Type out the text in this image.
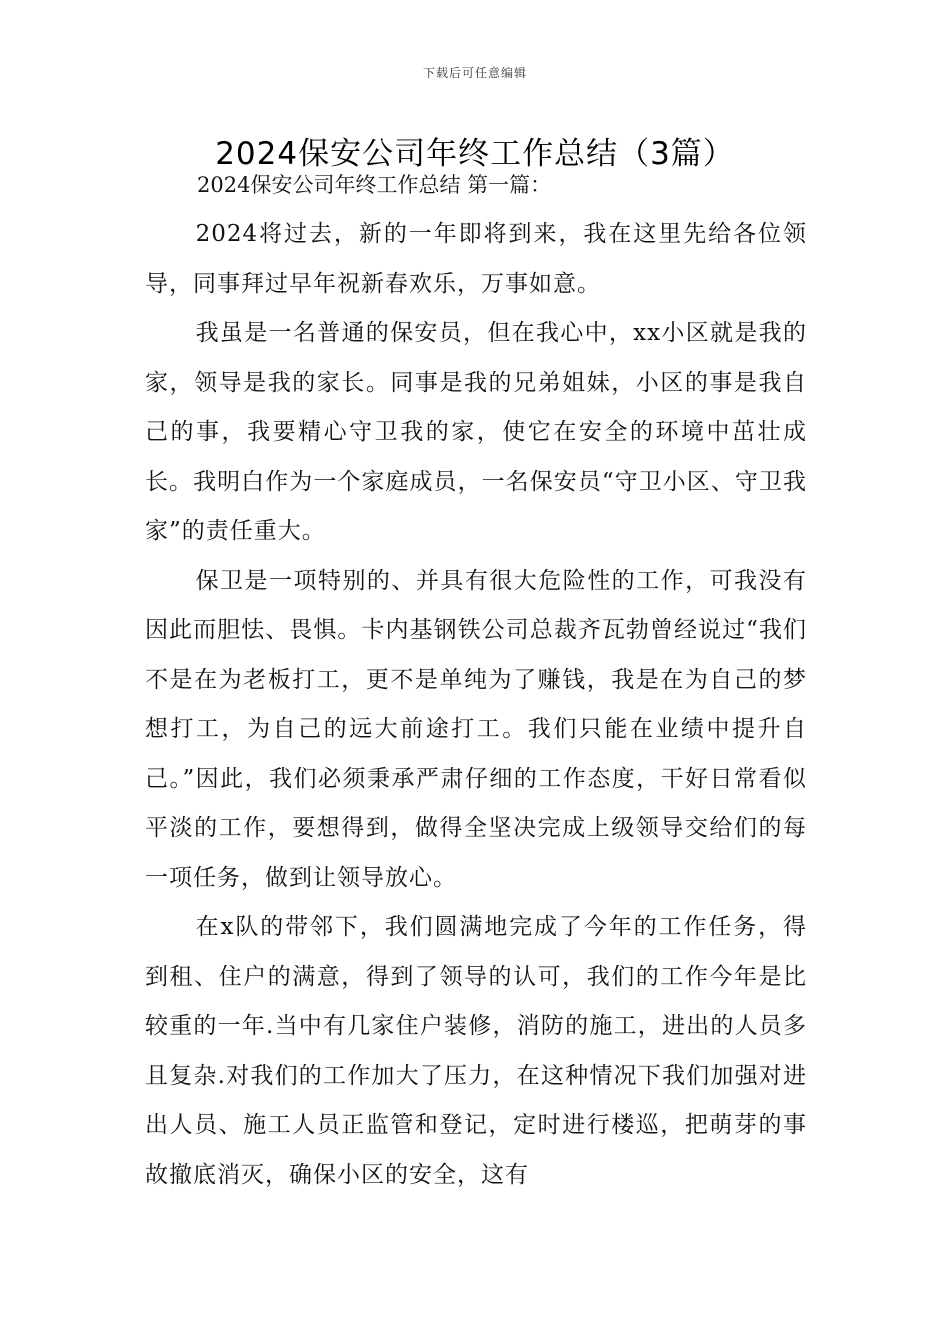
下载后可任意编辑
2024保安公司年终工作总结（3篇）

2024保安公司年终工作总结 第一篇：

2024将过去，新的一年即将到来，我在这里先给各位领导，同事拜过早年祝新春欢乐，万事如意。

我虽是一名普通的保安员，但在我心中，xx小区就是我的家，领导是我的家长。同事是我的兄弟姐妹，小区的事是我自己的事，我要精心守卫我的家，使它在安全的环境中茁壮成长。我明白作为一个家庭成员，一名保安员“守卫小区、守卫我家”的责任重大。

保卫是一项特别的、并具有很大危险性的工作，可我没有因此而胆怯、畏惧。卡内基钢铁公司总裁齐瓦勃曾经说过“我们不是在为老板打工，更不是单纯为了赚钱，我是在为自己的梦想打工，为自己的远大前途打工。我们只能在业绩中提升自己。”因此，我们必须秉承严肃仔细的工作态度，干好日常看似平淡的工作，要想得到，做得全坚决完成上级领导交给们的每一项任务，做到让领导放心。

在x队的带邻下，我们圆满地完成了今年的工作任务，得到租、住户的满意，得到了领导的认可，我们的工作今年是比较重的一年.当中有几家住户装修，消防的施工，进出的人员多且复杂.对我们的工作加大了压力，在这种情况下我们加强对进出人员、施工人员正监管和登记，定时进行楼巡，把萌芽的事故撤底消灭，确保小区的安全，这有
